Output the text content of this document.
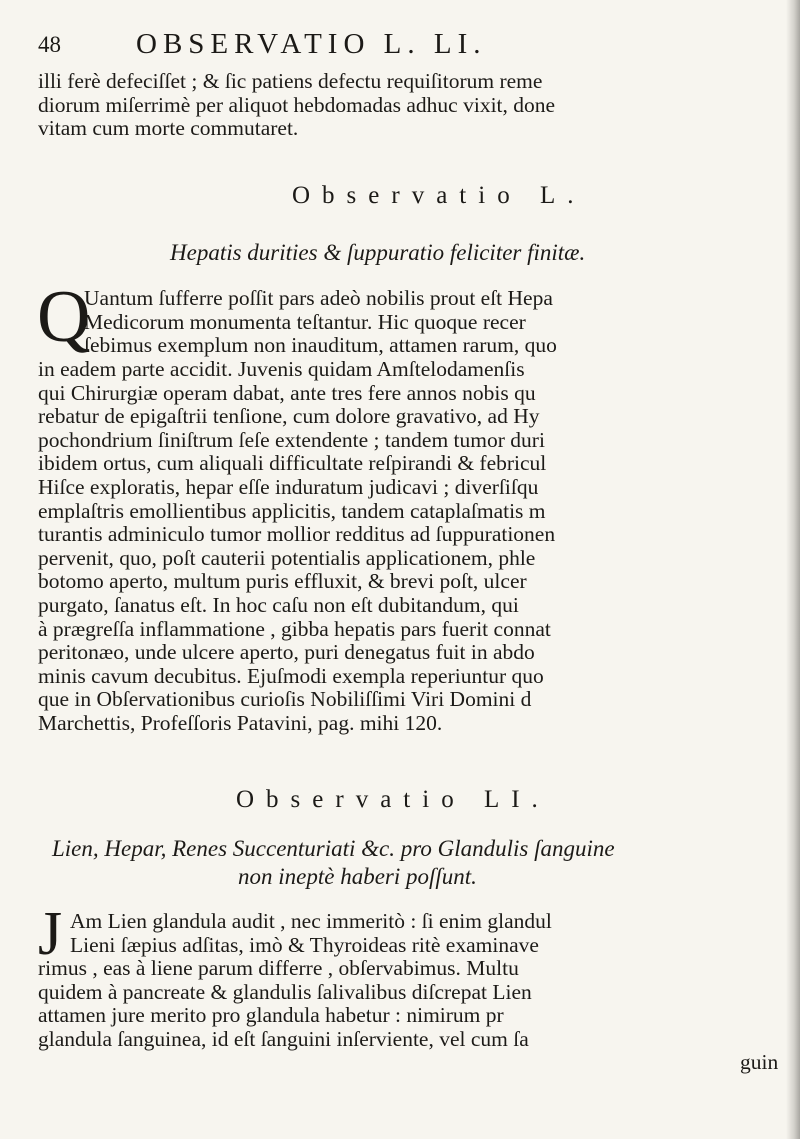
48	OBSERVATIO L. LI.
illi ferè defeciſſet ; & ſic patiens defectu requiſitorum reme
diorum miſerrimè per aliquot hebdomadas adhuc vixit, done
vitam cum morte commutaret.
Observatio L.
Hepatis durities & ſuppuratio feliciter finitæ.
Q
Uantum ſufferre poſſit pars adeò nobilis prout eſt Hepa
Medicorum monumenta teſtantur. Hic quoque recer
ſebimus exemplum non inauditum, attamen rarum, quo
in eadem parte accidit. Juvenis quidam Amſtelodamenſis
qui Chirurgiæ operam dabat, ante tres fere annos nobis qu
rebatur de epigaſtrii tenſione, cum dolore gravativo, ad Hy
pochondrium ſiniſtrum ſeſe extendente ; tandem tumor duri
ibidem ortus, cum aliquali difficultate reſpirandi & febricul
Hiſce exploratis, hepar eſſe induratum judicavi ; diverſiſqu
emplaſtris emollientibus applicitis, tandem cataplaſmatis m
turantis adminiculo tumor mollior redditus ad ſuppurationen
pervenit, quo, poſt cauterii potentialis applicationem, phle
botomo aperto, multum puris effluxit, & brevi poſt, ulcer
purgato, ſanatus eſt. In hoc caſu non eſt dubitandum, qui
à prægreſſa inflammatione , gibba hepatis pars fuerit connat
peritonæo, unde ulcere aperto, puri denegatus fuit in abdo
minis cavum decubitus. Ejuſmodi exempla reperiuntur quo
que in Obſervationibus curioſis Nobiliſſimi Viri Domini d
Marchettis, Profeſſoris Patavini, pag. mihi 120.
Observatio LI.
Lien, Hepar, Renes Succenturiati &c. pro Glandulis ſanguine
non ineptè haberi poſſunt.
J Am Lien glandula audit , nec immeritò : ſi enim glandul
Lieni ſæpius adſitas, imò & Thyroideas ritè examinave
rimus , eas à liene parum differre , obſervabimus. Multu
quidem à pancreate & glandulis ſalivalibus diſcrepat Lien
attamen jure merito pro glandula habetur : nimirum pr
glandula ſanguinea, id eſt ſanguini inſerviente, vel cum ſa
guin
